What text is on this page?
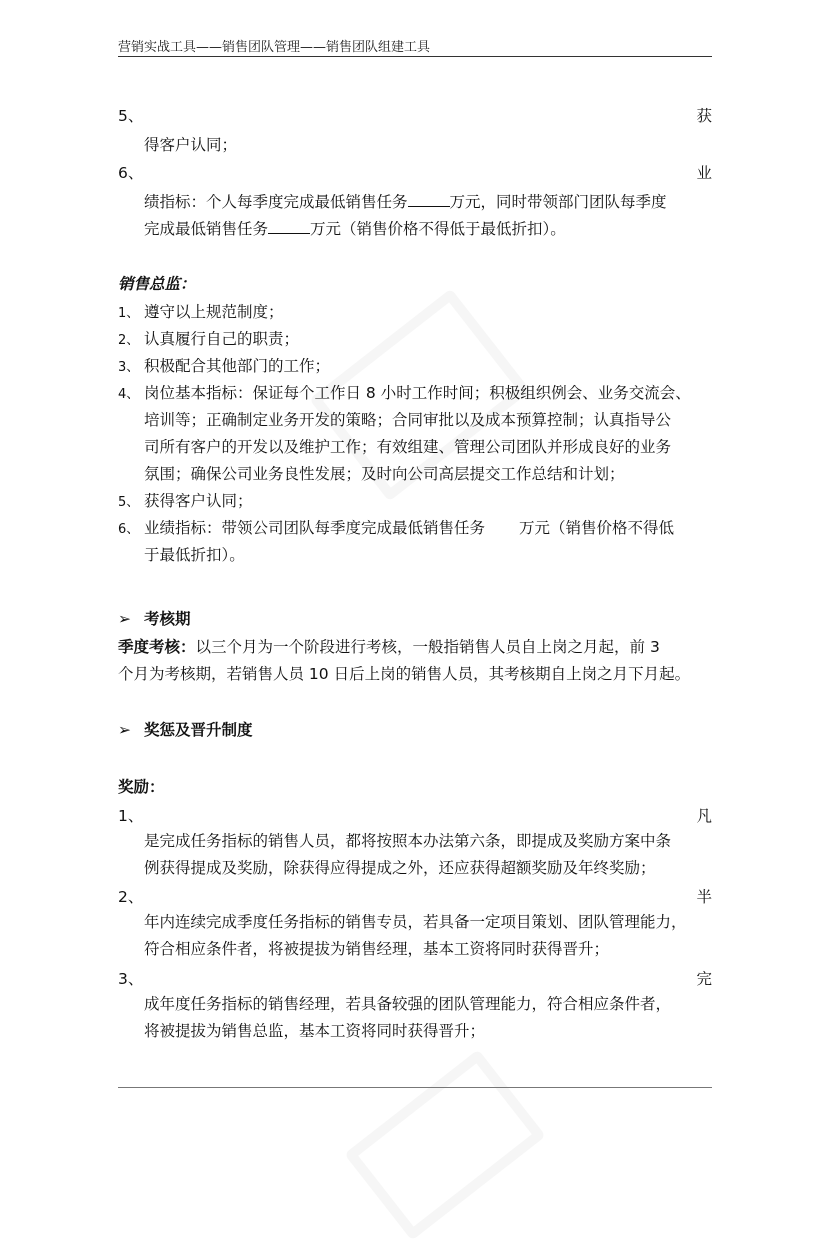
营销实战工具——销售团队管理——销售团队组建工具
5、	获
得客户认同；
6、	业
绩指标：个人每季度完成最低销售任务	万元，同时带领部门团队每季度
完成最低销售任务	万元（销售价格不得低于最低折扣）。
销售总监：
1、 遵守以上规范制度；
2、 认真履行自己的职责；
3、 积极配合其他部门的工作；
4、 岗位基本指标：保证每个工作日 8 小时工作时间；积极组织例会、业务交流会、
培训等；正确制定业务开发的策略；合同审批以及成本预算控制；认真指导公
司所有客户的开发以及维护工作；有效组建、管理公司团队并形成良好的业务
氛围；确保公司业务良性发展；及时向公司高层提交工作总结和计划；
5、 获得客户认同；
6、 业绩指标：带领公司团队每季度完成最低销售任务 万元（销售价格不得低
于最低折扣）。
➢ 考核期
季度考核：以三个月为一个阶段进行考核，一般指销售人员自上岗之月起，前 3
个月为考核期，若销售人员 10 日后上岗的销售人员，其考核期自上岗之月下月起。
➢ 奖惩及晋升制度
奖励：
1、	凡
是完成任务指标的销售人员，都将按照本办法第六条，即提成及奖励方案中条
例获得提成及奖励，除获得应得提成之外，还应获得超额奖励及年终奖励；
2、	半
年内连续完成季度任务指标的销售专员，若具备一定项目策划、团队管理能力，
符合相应条件者，将被提拔为销售经理，基本工资将同时获得晋升；
3、	完
成年度任务指标的销售经理，若具备较强的团队管理能力，符合相应条件者，
将被提拔为销售总监，基本工资将同时获得晋升；
